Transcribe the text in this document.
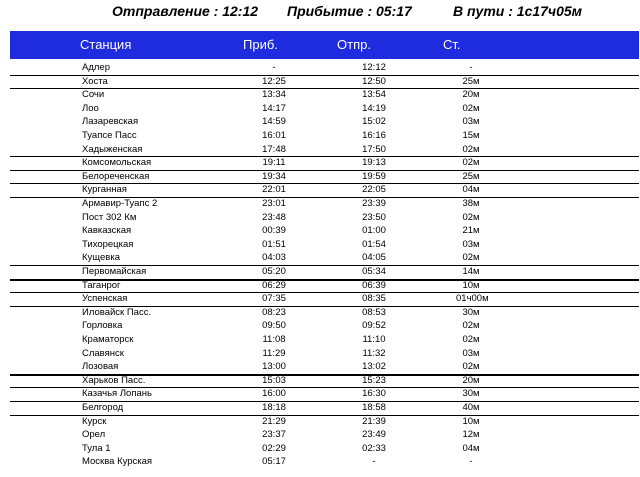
Отправление : 12:12 Прибытие : 05:17	В пути : 1с17ч05м
Станция	Приб.	Отпр.	Ст.
Адлер	-	12:12	-
Хоста	12:25	12:50	25м
Сочи	13:34	13:54	20м
Лоо	14:17	14:19	02м
Лазаревская	14:59	15:02	03м
Туапсе Пасс	16:01	16:16	15м
Хадыженская	17:48	17:50	02м
Комсомольская	19:11	19:13	02м
Белореченская	19:34	19:59	25м
Курганная	22:01	22:05	04м
Армавир-Туапс 2	23:01	23:39	38м
Пост 302 Км	23:48	23:50	02м
Кавказская	00:39	01:00	21м
Тихорецкая	01:51	01:54	03м
Кущевка	04:03	04:05	02м
Первомайская	05:20	05:34	14м
Таганрог	06:29	06:39	10м
Успенская	07:35	08:35	01ч00м
Иловайск Пасс.	08:23	08:53	30м
Горловка	09:50	09:52	02м
Краматорск	11:08	11:10	02м
Славянск	11:29	11:32	03м
Лозовая	13:00	13:02	02м
Харьков Пасс.	15:03	15:23	20м
Казачья Лопань	16:00	16:30	30м
Белгород	18:18	18:58	40м
Курск	21:29	21:39	10м
Орел	23:37	23:49	12м
Тула 1	02:29	02:33	04м
Москва Курская	05:17	-	-
